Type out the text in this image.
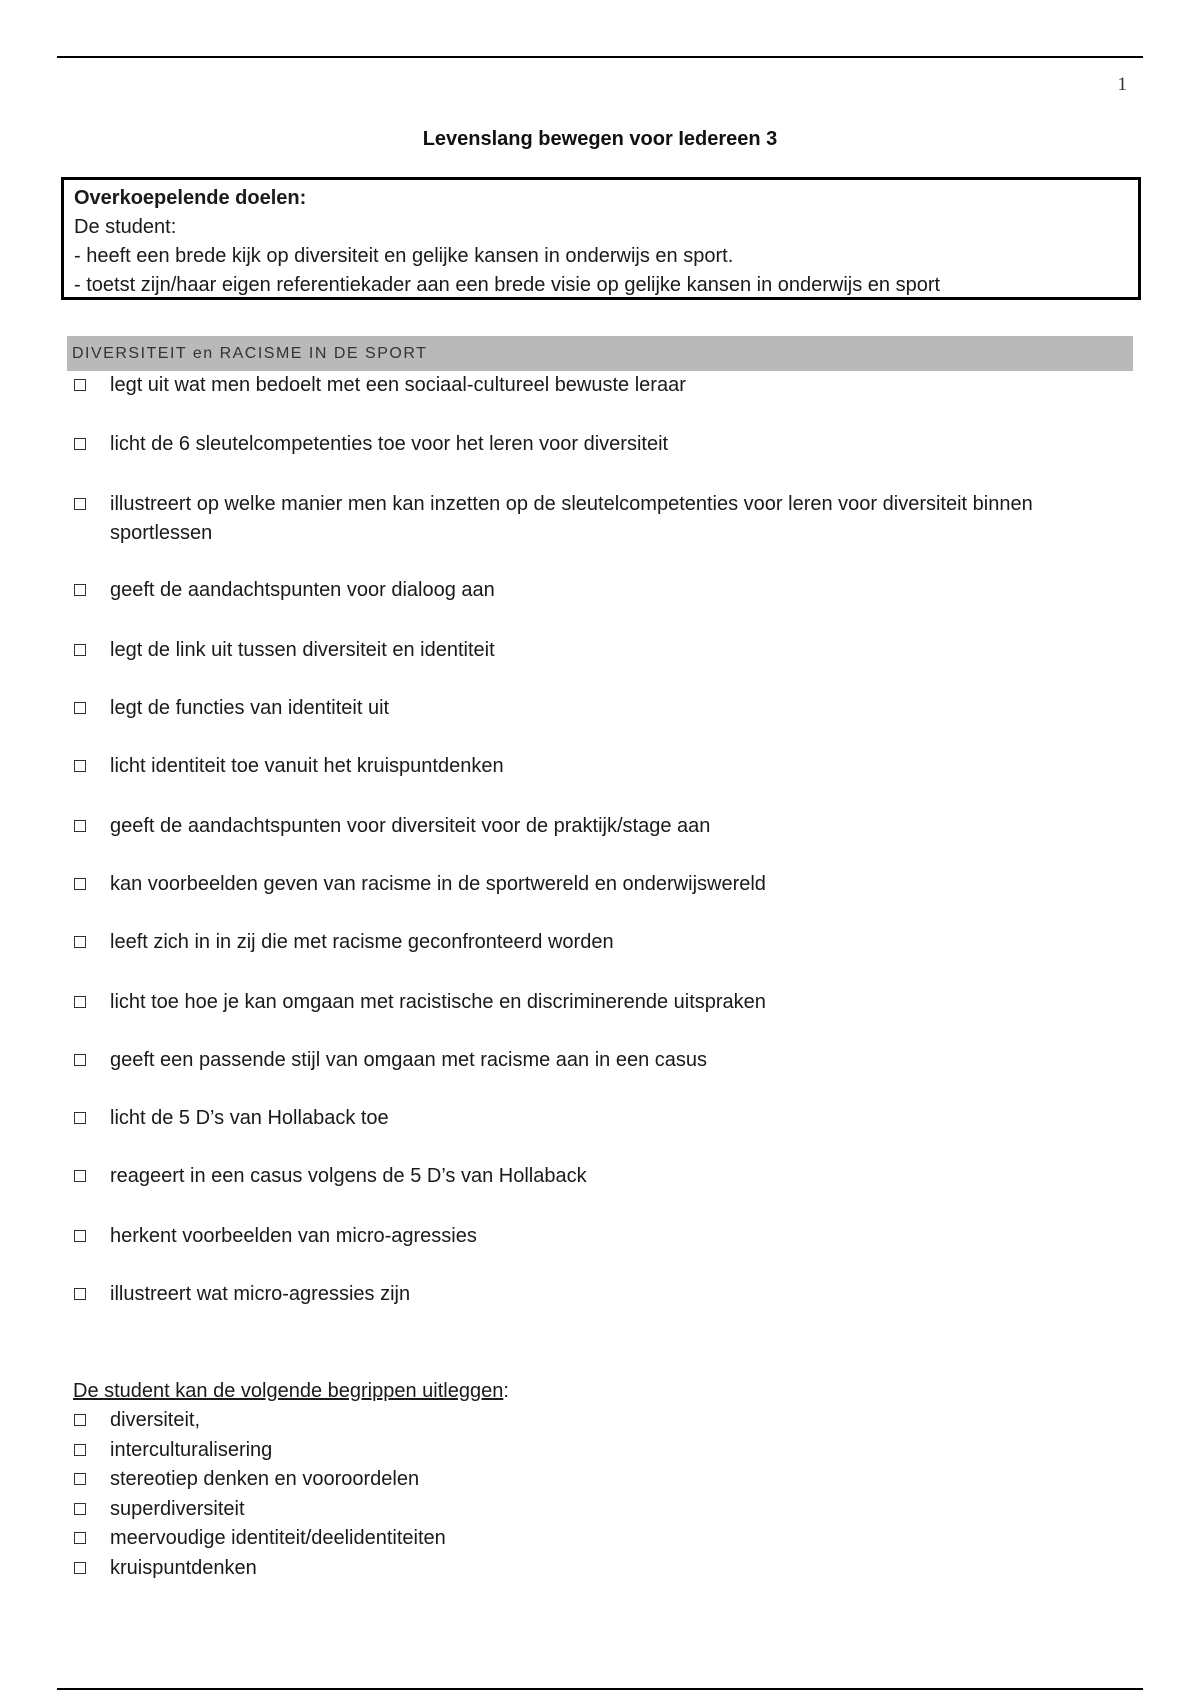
1
Levenslang bewegen voor Iedereen 3
Overkoepelende doelen:
De student:
- heeft een brede kijk op diversiteit en gelijke kansen in onderwijs en sport.
- toetst zijn/haar eigen referentiekader aan een brede visie op gelijke kansen in onderwijs en sport
DIVERSITEIT en RACISME IN DE SPORT
legt uit wat men bedoelt met een sociaal-cultureel bewuste leraar
licht de 6 sleutelcompetenties toe voor het leren voor diversiteit
illustreert op welke manier men kan inzetten op de sleutelcompetenties voor leren voor diversiteit binnen sportlessen
geeft de aandachtspunten voor dialoog aan
legt de link uit tussen diversiteit en identiteit
legt de functies van identiteit uit
licht identiteit toe vanuit het kruispuntdenken
geeft de aandachtspunten voor diversiteit voor de praktijk/stage aan
kan voorbeelden geven van racisme in de sportwereld en onderwijswereld
leeft zich in in zij die met racisme geconfronteerd worden
licht toe hoe je kan omgaan met racistische en discriminerende uitspraken
geeft een passende stijl van omgaan met racisme aan in een casus
licht de 5 D’s van Hollaback toe
reageert in een casus volgens de 5 D’s van Hollaback
herkent voorbeelden van micro-agressies
illustreert wat micro-agressies zijn
De student kan de volgende begrippen uitleggen:
diversiteit,
interculturalisering
stereotiep denken en vooroordelen
superdiversiteit
meervoudige identiteit/deelidentiteiten
kruispuntdenken
